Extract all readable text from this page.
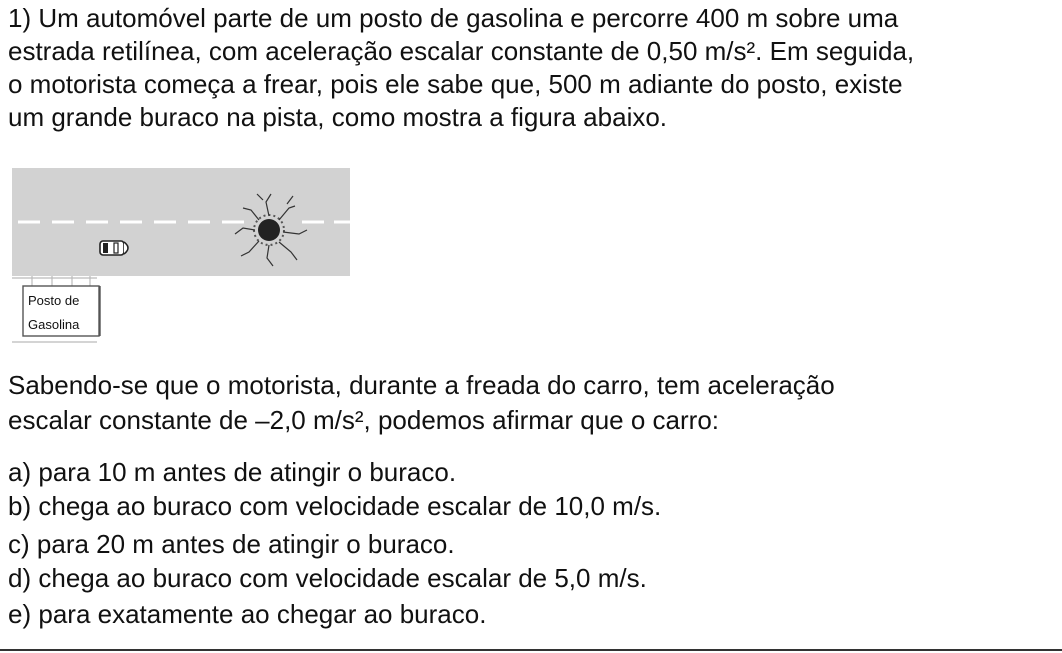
1) Um automóvel parte de um posto de gasolina e percorre 400 m sobre uma

estrada retilínea, com aceleração escalar constante de 0,50 m/s². Em seguida,

o motorista começa a frear, pois ele sabe que, 500 m adiante do posto, existe

um grande buraco na pista, como mostra a figura abaixo.

Posto de
Gasolina

Sabendo-se que o motorista, durante a freada do carro, tem aceleração

escalar constante de –2,0 m/s², podemos afirmar que o carro:

a) para 10 m antes de atingir o buraco.

b) chega ao buraco com velocidade escalar de 10,0 m/s.

c) para 20 m antes de atingir o buraco.

d) chega ao buraco com velocidade escalar de 5,0 m/s.

e) para exatamente ao chegar ao buraco.
